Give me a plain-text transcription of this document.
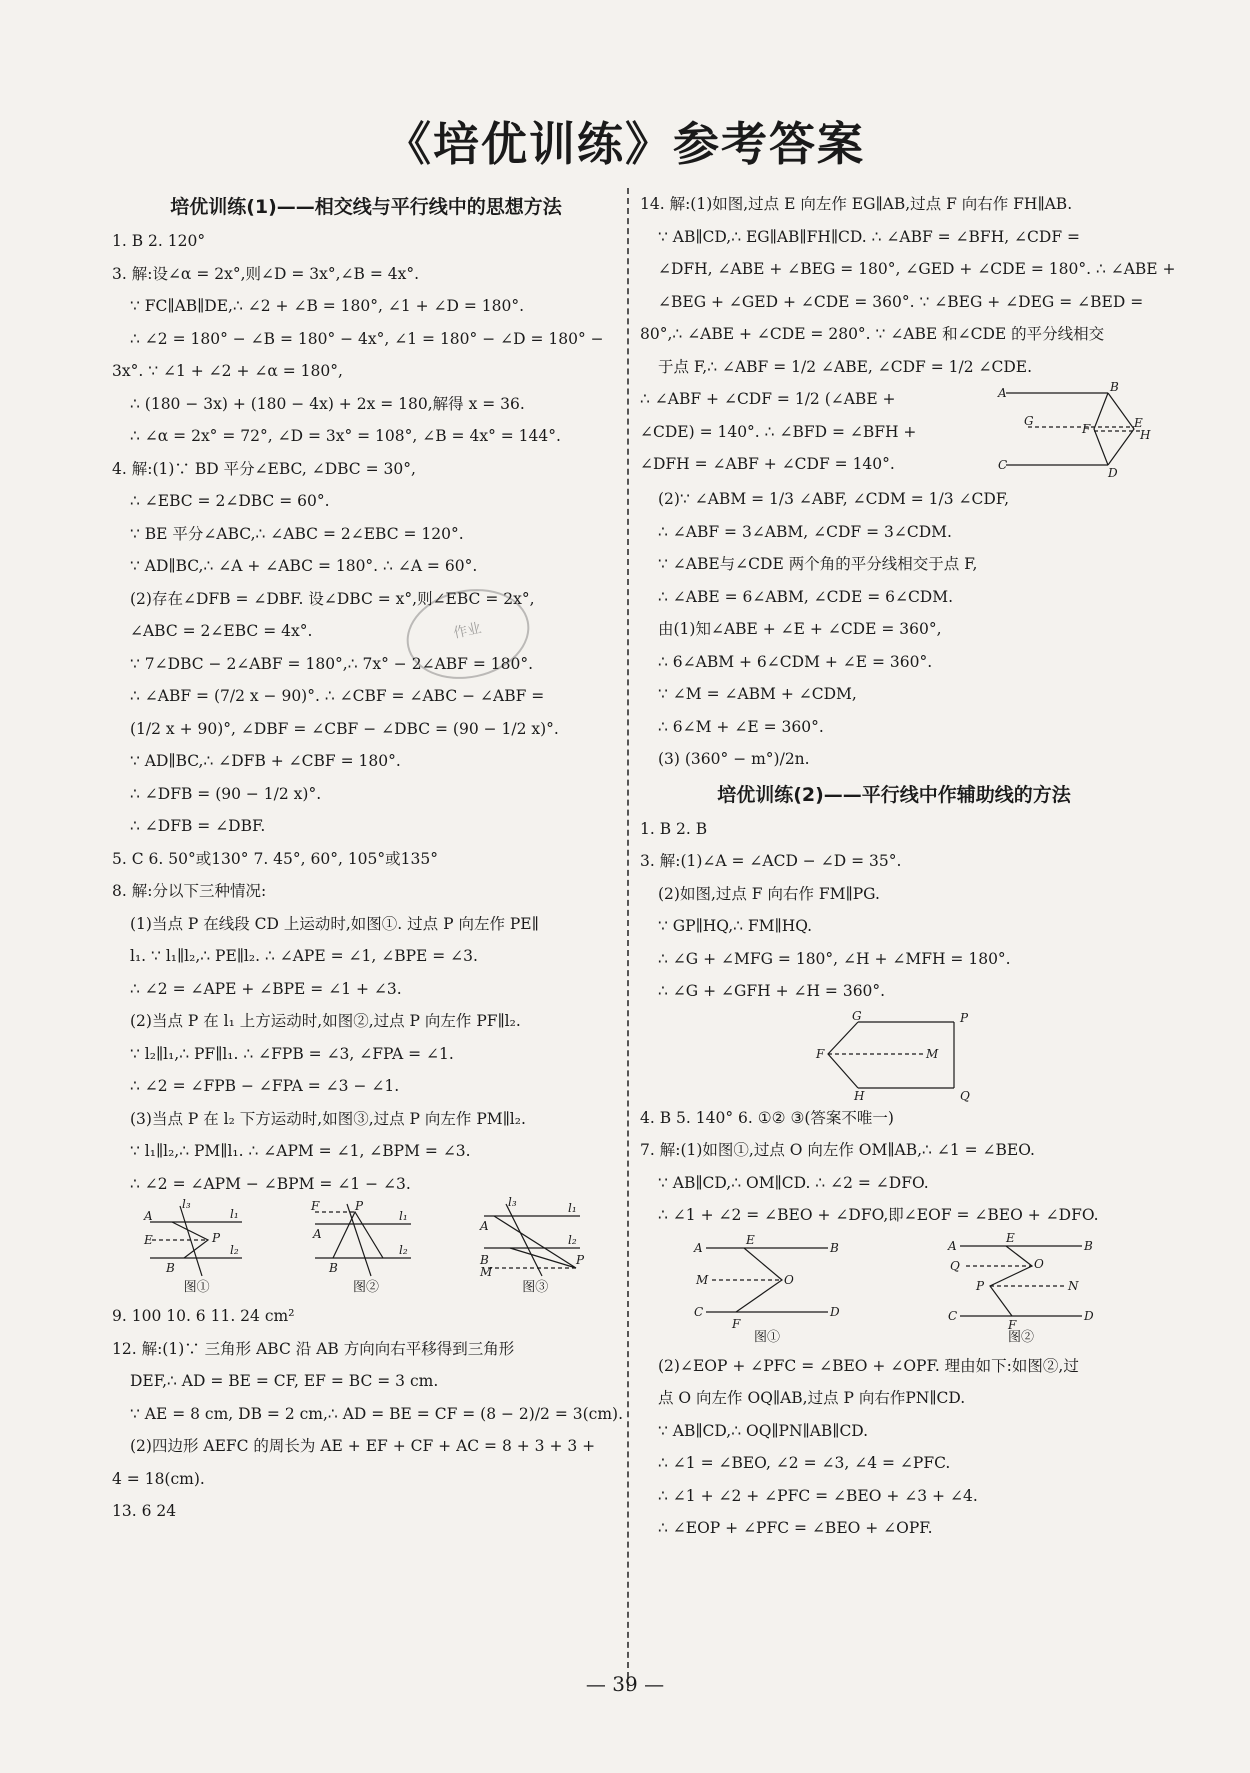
《培优训练》参考答案
作业
培优训练(1)——相交线与平行线中的思想方法
1. B 2. 120°
3. 解:设∠α = 2x°,则∠D = 3x°,∠B = 4x°.
∵ FC∥AB∥DE,∴ ∠2 + ∠B = 180°, ∠1 + ∠D = 180°.
∴ ∠2 = 180° − ∠B = 180° − 4x°, ∠1 = 180° − ∠D = 180° −
3x°. ∵ ∠1 + ∠2 + ∠α = 180°,
∴ (180 − 3x) + (180 − 4x) + 2x = 180,解得 x = 36.
∴ ∠α = 2x° = 72°, ∠D = 3x° = 108°, ∠B = 4x° = 144°.
4. 解:(1)∵ BD 平分∠EBC, ∠DBC = 30°,
∴ ∠EBC = 2∠DBC = 60°.
∵ BE 平分∠ABC,∴ ∠ABC = 2∠EBC = 120°.
∵ AD∥BC,∴ ∠A + ∠ABC = 180°. ∴ ∠A = 60°.
(2)存在∠DFB = ∠DBF. 设∠DBC = x°,则∠EBC = 2x°,
∠ABC = 2∠EBC = 4x°.
∵ 7∠DBC − 2∠ABF = 180°,∴ 7x° − 2∠ABF = 180°.
∴ ∠ABF = (7/2 x − 90)°. ∴ ∠CBF = ∠ABC − ∠ABF =
(1/2 x + 90)°, ∠DBF = ∠CBF − ∠DBC = (90 − 1/2 x)°.
∵ AD∥BC,∴ ∠DFB + ∠CBF = 180°.
∴ ∠DFB = (90 − 1/2 x)°.
∴ ∠DFB = ∠DBF.
5. C 6. 50°或130° 7. 45°, 60°, 105°或135°
8. 解:分以下三种情况:
(1)当点 P 在线段 CD 上运动时,如图①. 过点 P 向左作 PE∥
l₁. ∵ l₁∥l₂,∴ PE∥l₂. ∴ ∠APE = ∠1, ∠BPE = ∠3.
∴ ∠2 = ∠APE + ∠BPE = ∠1 + ∠3.
(2)当点 P 在 l₁ 上方运动时,如图②,过点 P 向左作 PF∥l₂.
∵ l₂∥l₁,∴ PF∥l₁. ∴ ∠FPB = ∠3, ∠FPA = ∠1.
∴ ∠2 = ∠FPB − ∠FPA = ∠3 − ∠1.
(3)当点 P 在 l₂ 下方运动时,如图③,过点 P 向左作 PM∥l₂.
∵ l₁∥l₂,∴ PM∥l₁. ∴ ∠APM = ∠1, ∠BPM = ∠3.
∴ ∠2 = ∠APM − ∠BPM = ∠1 − ∠3.
A
E
B
P
l₁
l₂
l₃
图①
F	P
A
B
l₁
l₂
图②
A
B
M
P
l₃	l₁
l₂
图③
9. 100 10. 6 11. 24 cm²
12. 解:(1)∵ 三角形 ABC 沿 AB 方向向右平移得到三角形
DEF,∴ AD = BE = CF, EF = BC = 3 cm.
∵ AE = 8 cm, DB = 2 cm,∴ AD = BE = CF = (8 − 2)/2 = 3(cm).
(2)四边形 AEFC 的周长为 AE + EF + CF + AC = 8 + 3 + 3 +
4 = 18(cm).
13. 6 24
14. 解:(1)如图,过点 E 向左作 EG∥AB,过点 F 向右作 FH∥AB.
∵ AB∥CD,∴ EG∥AB∥FH∥CD. ∴ ∠ABF = ∠BFH, ∠CDF =
∠DFH, ∠ABE + ∠BEG = 180°, ∠GED + ∠CDE = 180°. ∴ ∠ABE +
∠BEG + ∠GED + ∠CDE = 360°. ∵ ∠BEG + ∠DEG = ∠BED =
80°,∴ ∠ABE + ∠CDE = 280°. ∵ ∠ABE 和∠CDE 的平分线相交
于点 F,∴ ∠ABF = 1/2 ∠ABE, ∠CDF = 1/2 ∠CDE.
∴ ∠ABF + ∠CDF = 1/2 (∠ABE +
∠CDE) = 140°. ∴ ∠BFD = ∠BFH +
∠DFH = ∠ABF + ∠CDF = 140°.
A	B
G
F	E
H
C
D
(2)∵ ∠ABM = 1/3 ∠ABF, ∠CDM = 1/3 ∠CDF,
∴ ∠ABF = 3∠ABM, ∠CDF = 3∠CDM.
∵ ∠ABE与∠CDE 两个角的平分线相交于点 F,
∴ ∠ABE = 6∠ABM, ∠CDE = 6∠CDM.
由(1)知∠ABE + ∠E + ∠CDE = 360°,
∴ 6∠ABM + 6∠CDM + ∠E = 360°.
∵ ∠M = ∠ABM + ∠CDM,
∴ 6∠M + ∠E = 360°.
(3) (360° − m°)/2n.
培优训练(2)——平行线中作辅助线的方法
1. B 2. B
3. 解:(1)∠A = ∠ACD − ∠D = 35°.
(2)如图,过点 F 向右作 FM∥PG.
∵ GP∥HQ,∴ FM∥HQ.
∴ ∠G + ∠MFG = 180°, ∠H + ∠MFH = 180°.
∴ ∠G + ∠GFH + ∠H = 360°.
G	P
F	M
H	Q
4. B 5. 140° 6. ①② ③(答案不唯一)
7. 解:(1)如图①,过点 O 向左作 OM∥AB,∴ ∠1 = ∠BEO.
∵ AB∥CD,∴ OM∥CD. ∴ ∠2 = ∠DFO.
∴ ∠1 + ∠2 = ∠BEO + ∠DFO,即∠EOF = ∠BEO + ∠DFO.
A
E
B
M	O
C
F
D
图①
A
E
B
Q	O
P	N
C
F
D
图②
(2)∠EOP + ∠PFC = ∠BEO + ∠OPF. 理由如下:如图②,过
点 O 向左作 OQ∥AB,过点 P 向右作PN∥CD.
∵ AB∥CD,∴ OQ∥PN∥AB∥CD.
∴ ∠1 = ∠BEO, ∠2 = ∠3, ∠4 = ∠PFC.
∴ ∠1 + ∠2 + ∠PFC = ∠BEO + ∠3 + ∠4.
∴ ∠EOP + ∠PFC = ∠BEO + ∠OPF.
— 39 —
